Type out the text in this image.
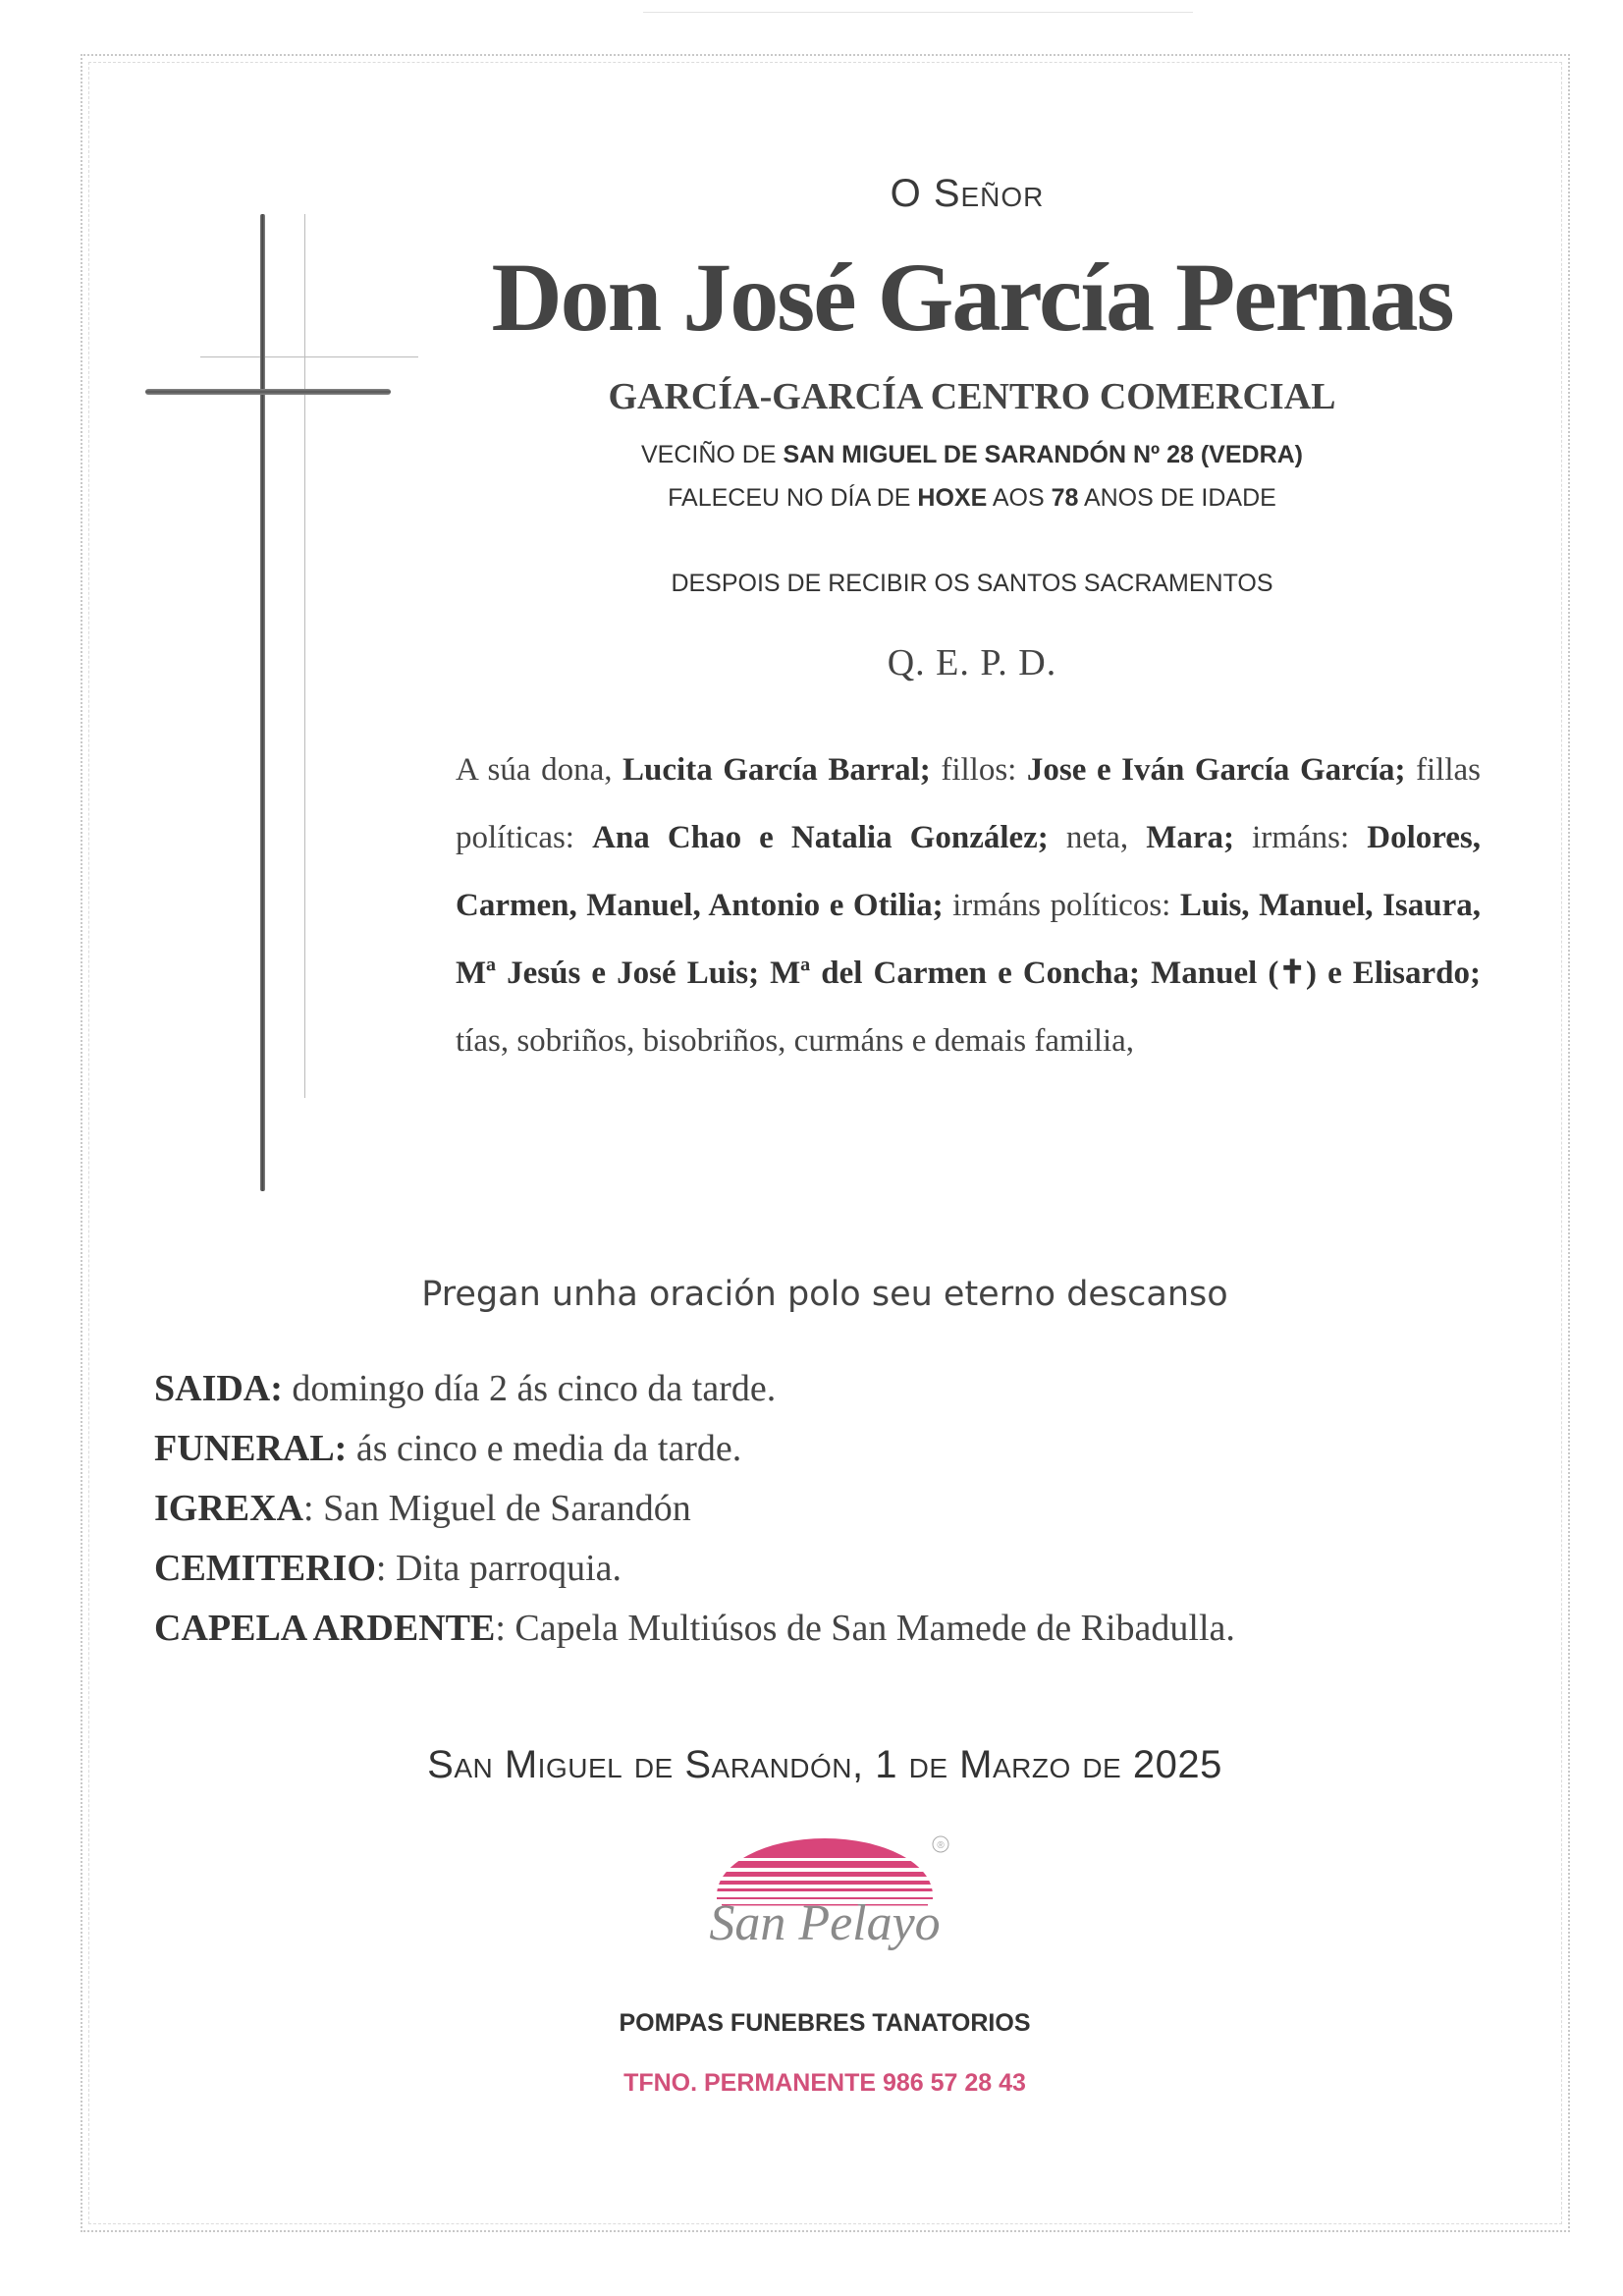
O Señor
Don José García Pernas
GARCÍA-GARCÍA CENTRO COMERCIAL
VECIÑO DE SAN MIGUEL DE SARANDÓN Nº 28 (VEDRA)
FALECEU NO DÍA DE HOXE AOS 78 ANOS DE IDADE
DESPOIS DE RECIBIR OS SANTOS SACRAMENTOS
Q. E. P. D.
A súa dona, Lucita García Barral; fillos: Jose e Iván García García; fillas políticas: Ana Chao e Natalia González; neta, Mara; irmáns: Dolores, Carmen, Manuel, Antonio e Otilia; irmáns políticos: Luis, Manuel, Isaura, Mª Jesús e José Luis; Mª del Carmen e Concha; Manuel (✝) e Elisardo; tías, sobriños, bisobriños, curmáns e demais familia,
Pregan unha oración polo seu eterno descanso
SAIDA: domingo día 2 ás cinco da tarde.
FUNERAL: ás cinco e media da tarde.
IGREXA: San Miguel de Sarandón
CEMITERIO: Dita parroquia.
CAPELA ARDENTE: Capela Multiúsos de San Mamede de Ribadulla.
San Miguel de Sarandón, 1 de Marzo de 2025
San Pelayo
®
POMPAS FUNEBRES TANATORIOS
TFNO. PERMANENTE 986 57 28 43
